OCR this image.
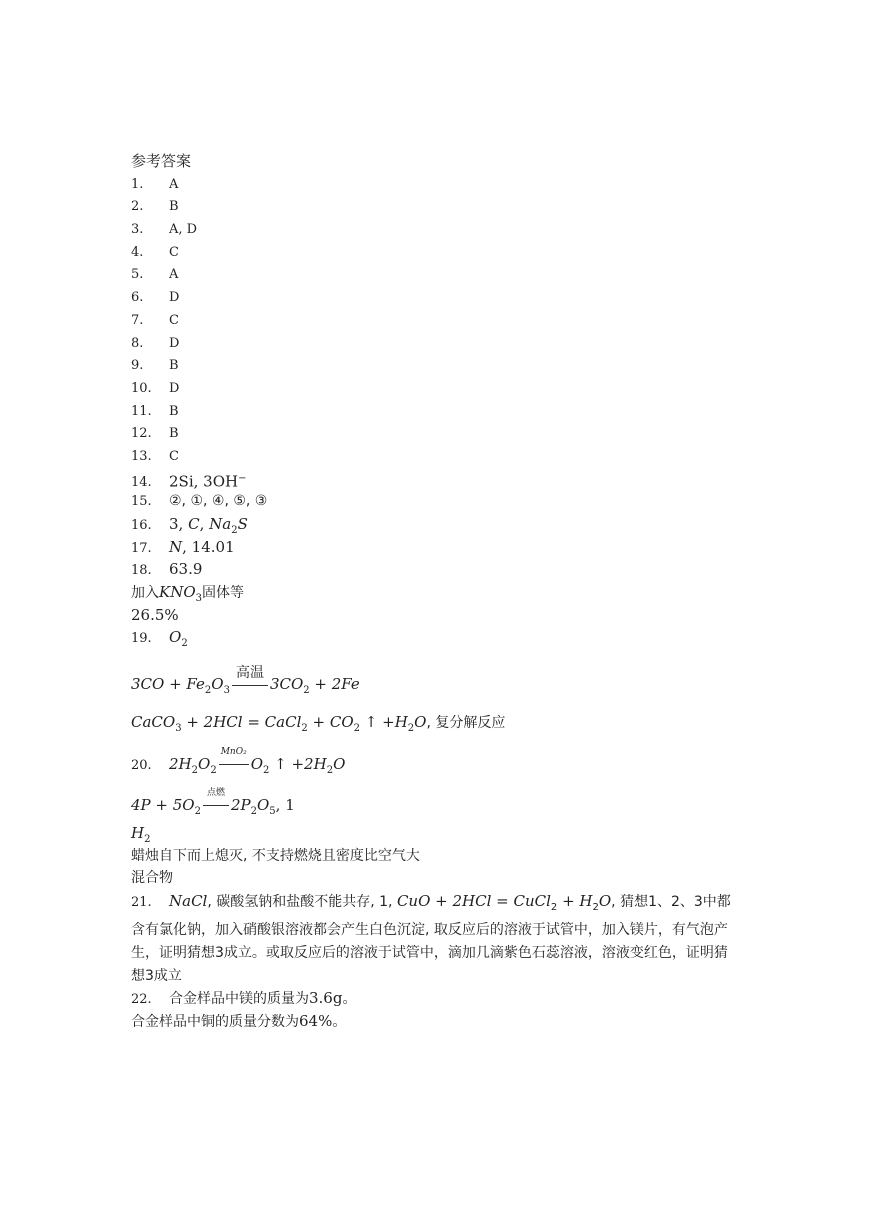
参考答案
1. A
2. B
3. A, D
4. C
5. A
6. D
7. C
8. D
9. B
10. D
11. B
12. B
13. C
14. 2Si, 3OH−
15. ②, ①, ④, ⑤, ③
16. 3, C, $Na_2S$
17. N, 14.01
18. 63.9
加入$KNO_3$固体等
26.5%
19. $O_2$
$3CO + Fe_2O_3$
高温
$3CO_2 + 2Fe$
CaCO$_3$ + 2HCl = CaCl$_2$ + $CO_2$ ↑ $+H_2O$, 复分解反应
20. $2H_2O_2$
MnO₂
$O_2$ ↑ $+2H_2O$
$4P + 5O_2$
点燃
$2P_2O_5$, 1
$H_2$
蜡烛自下而上熄灭, 不支持燃烧且密度比空气大
混合物
21. NaCl, 碳酸氢钠和盐酸不能共存, 1, CuO + 2HCl = CuCl$_2$ + $H_2O$, 猜想1、2、3中都含有氯化钠，加入硝酸银溶液都会产生白色沉淀, 取反应后的溶液于试管中，加入镁片，有气泡产生，证明猜想3成立。或取反应后的溶液于试管中，滴加几滴紫色石蕊溶液，溶液变红色，证明猜想3成立
22. 合金样品中镁的质量为3.6g。
合金样品中铜的质量分数为64%。
